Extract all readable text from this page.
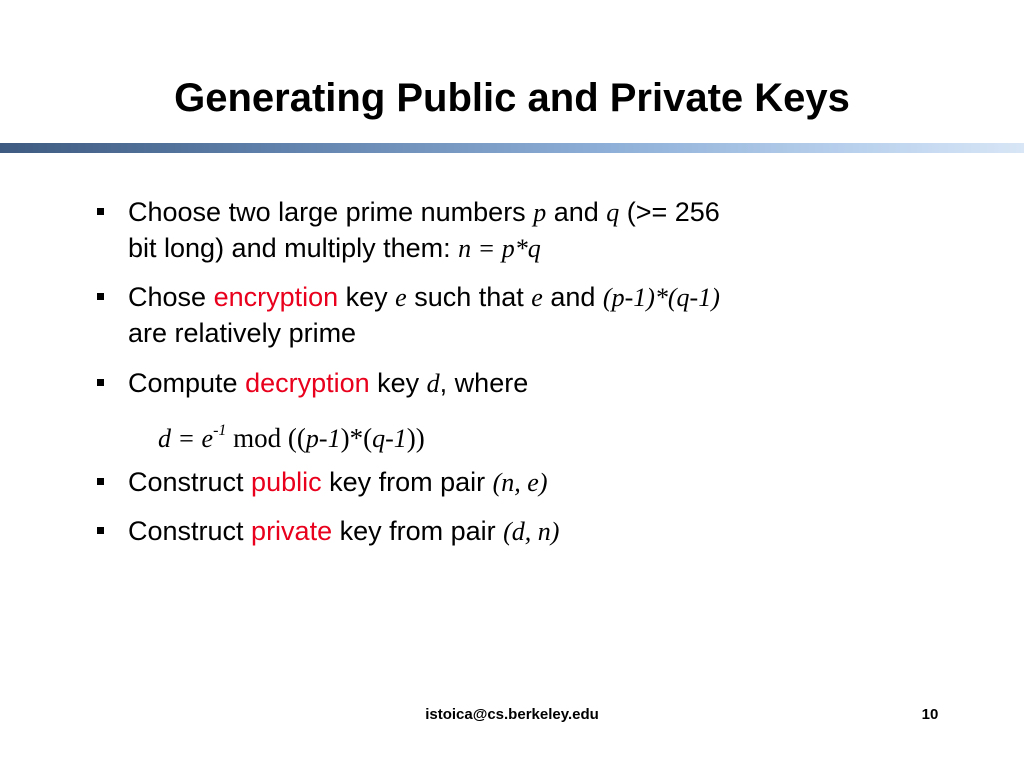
Generating Public and Private Keys
Choose two large prime numbers p and q (>= 256
bit long) and multiply them: n = p*q
Chose encryption key e such that e and (p-1)*(q-1)
are relatively prime
Compute decryption key d, where
$d = e^{-1}$ mod ((p-1)*(q-1))
Construct public key from pair (n, e)
Construct private key from pair (d, n)
istoica@cs.berkeley.edu	10
